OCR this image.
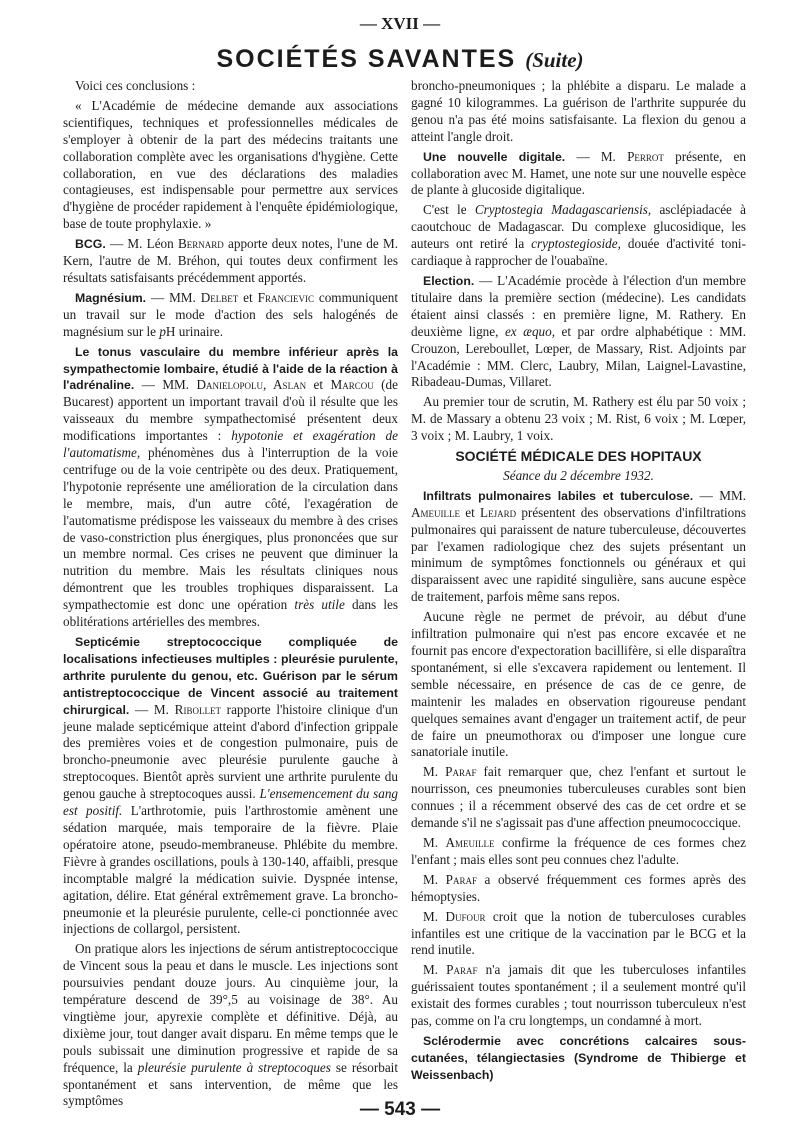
— XVII —
SOCIÉTÉS SAVANTES (Suite)

Voici ces conclusions :

« L'Académie de médecine demande aux associations scientifiques, techniques et professionnelles médicales de s'employer à obtenir de la part des médecins traitants une collaboration complète avec les organisations d'hygiène. Cette collaboration, en vue des déclarations des maladies contagieuses, est indispensable pour permettre aux services d'hygiène de procéder rapidement à l'enquête épidémiologique, base de toute prophylaxie. »

BCG. — M. Léon Bernard apporte deux notes, l'une de M. Kern, l'autre de M. Bréhon, qui toutes deux confirment les résultats satisfaisants précédemment apportés.

Magnésium. — MM. Delbet et Francievic communiquent un travail sur le mode d'action des sels halogénés de magnésium sur le pH urinaire.

Le tonus vasculaire du membre inférieur après la sympathectomie lombaire, étudié à l'aide de la réaction à l'adrénaline. — MM. Danielopolu, Aslan et Marcou (de Bucarest) apportent un important travail d'où il résulte que les vaisseaux du membre sympathectomisé présentent deux modifications importantes : hypotonie et exagération de l'automatisme, phénomènes dus à l'interruption de la voie centrifuge ou de la voie centripète ou des deux. Pratiquement, l'hypotonie représente une amélioration de la circulation dans le membre, mais, d'un autre côté, l'exagération de l'automatisme prédispose les vaisseaux du membre à des crises de vaso-constriction plus énergiques, plus prononcées que sur un membre normal. Ces crises ne peuvent que diminuer la nutrition du membre. Mais les résultats cliniques nous démontrent que les troubles trophiques disparaissent. La sympathectomie est donc une opération très utile dans les oblitérations artérielles des membres.

Septicémie streptococcique compliquée de localisations infectieuses multiples : pleurésie purulente, arthrite purulente du genou, etc. Guérison par le sérum antistreptococcique de Vincent associé au traitement chirurgical. — M. Ribollet rapporte l'histoire clinique d'un jeune malade septicémique atteint d'abord d'infection grippale des premières voies et de congestion pulmonaire, puis de broncho-pneumonie avec pleurésie purulente gauche à streptocoques. Bientôt après survient une arthrite purulente du genou gauche à streptocoques aussi. L'ensemencement du sang est positif. L'arthrotomie, puis l'arthrostomie amènent une sédation marquée, mais temporaire de la fièvre. Plaie opératoire atone, pseudo-membraneuse. Phlébite du membre. Fièvre à grandes oscillations, pouls à 130-140, affaibli, presque incomptable malgré la médication suivie. Dyspnée intense, agitation, délire. Etat général extrêmement grave. La broncho-pneumonie et la pleurésie purulente, celle-ci ponctionnée avec injections de collargol, persistent.

On pratique alors les injections de sérum antistreptococcique de Vincent sous la peau et dans le muscle. Les injections sont poursuivies pendant douze jours. Au cinquième jour, la température descend de 39°,5 au voisinage de 38°. Au vingtième jour, apyrexie complète et définitive. Déjà, au dixième jour, tout danger avait disparu. En même temps que le pouls subissait une diminution progressive et rapide de sa fréquence, la pleurésie purulente à streptocoques se résorbait spontanément et sans intervention, de même que les symptômes

broncho-pneumoniques ; la phlébite a disparu. Le malade a gagné 10 kilogrammes. La guérison de l'arthrite suppurée du genou n'a pas été moins satisfaisante. La flexion du genou a atteint l'angle droit.

Une nouvelle digitale. — M. Perrot présente, en collaboration avec M. Hamet, une note sur une nouvelle espèce de plante à glucoside digitalique.

C'est le Cryptostegia Madagascariensis, asclépiadacée à caoutchouc de Madagascar. Du complexe glucosidique, les auteurs ont retiré la cryptostegioside, douée d'activité toni-cardiaque à rapprocher de l'ouabaïne.

Election. — L'Académie procède à l'élection d'un membre titulaire dans la première section (médecine). Les candidats étaient ainsi classés : en première ligne, M. Rathery. En deuxième ligne, ex æquo, et par ordre alphabétique : MM. Crouzon, Lereboullet, Lœper, de Massary, Rist. Adjoints par l'Académie : MM. Clerc, Laubry, Milan, Laignel-Lavastine, Ribadeau-Dumas, Villaret.

Au premier tour de scrutin, M. Rathery est élu par 50 voix ; M. de Massary a obtenu 23 voix ; M. Rist, 6 voix ; M. Lœper, 3 voix ; M. Laubry, 1 voix.

SOCIÉTÉ MÉDICALE DES HOPITAUX

Séance du 2 décembre 1932.

Infiltrats pulmonaires labiles et tuberculose. — MM. Ameuille et Lejard présentent des observations d'infiltrations pulmonaires qui paraissent de nature tuberculeuse, découvertes par l'examen radiologique chez des sujets présentant un minimum de symptômes fonctionnels ou généraux et qui disparaissent avec une rapidité singulière, sans aucune espèce de traitement, parfois même sans repos.

Aucune règle ne permet de prévoir, au début d'une infiltration pulmonaire qui n'est pas encore excavée et ne fournit pas encore d'expectoration bacillifère, si elle disparaîtra spontanément, si elle s'excavera rapidement ou lentement. Il semble nécessaire, en présence de cas de ce genre, de maintenir les malades en observation rigoureuse pendant quelques semaines avant d'engager un traitement actif, de peur de faire un pneumothorax ou d'imposer une longue cure sanatoriale inutile.

M. Paraf fait remarquer que, chez l'enfant et surtout le nourrisson, ces pneumonies tuberculeuses curables sont bien connues ; il a récemment observé des cas de cet ordre et se demande s'il ne s'agissait pas d'une affection pneumococcique.

M. Ameuille confirme la fréquence de ces formes chez l'enfant ; mais elles sont peu connues chez l'adulte.

M. Paraf a observé fréquemment ces formes après des hémoptysies.

M. Dufour croit que la notion de tuberculoses curables infantiles est une critique de la vaccination par le BCG et la rend inutile.

M. Paraf n'a jamais dit que les tuberculoses infantiles guérissaient toutes spontanément ; il a seulement montré qu'il existait des formes curables ; tout nourrisson tuberculeux n'est pas, comme on l'a cru longtemps, un condamné à mort.

Sclérodermie avec concrétions calcaires sous-cutanées, télangiectasies (Syndrome de Thibierge et Weissenbach)

— 543 —
